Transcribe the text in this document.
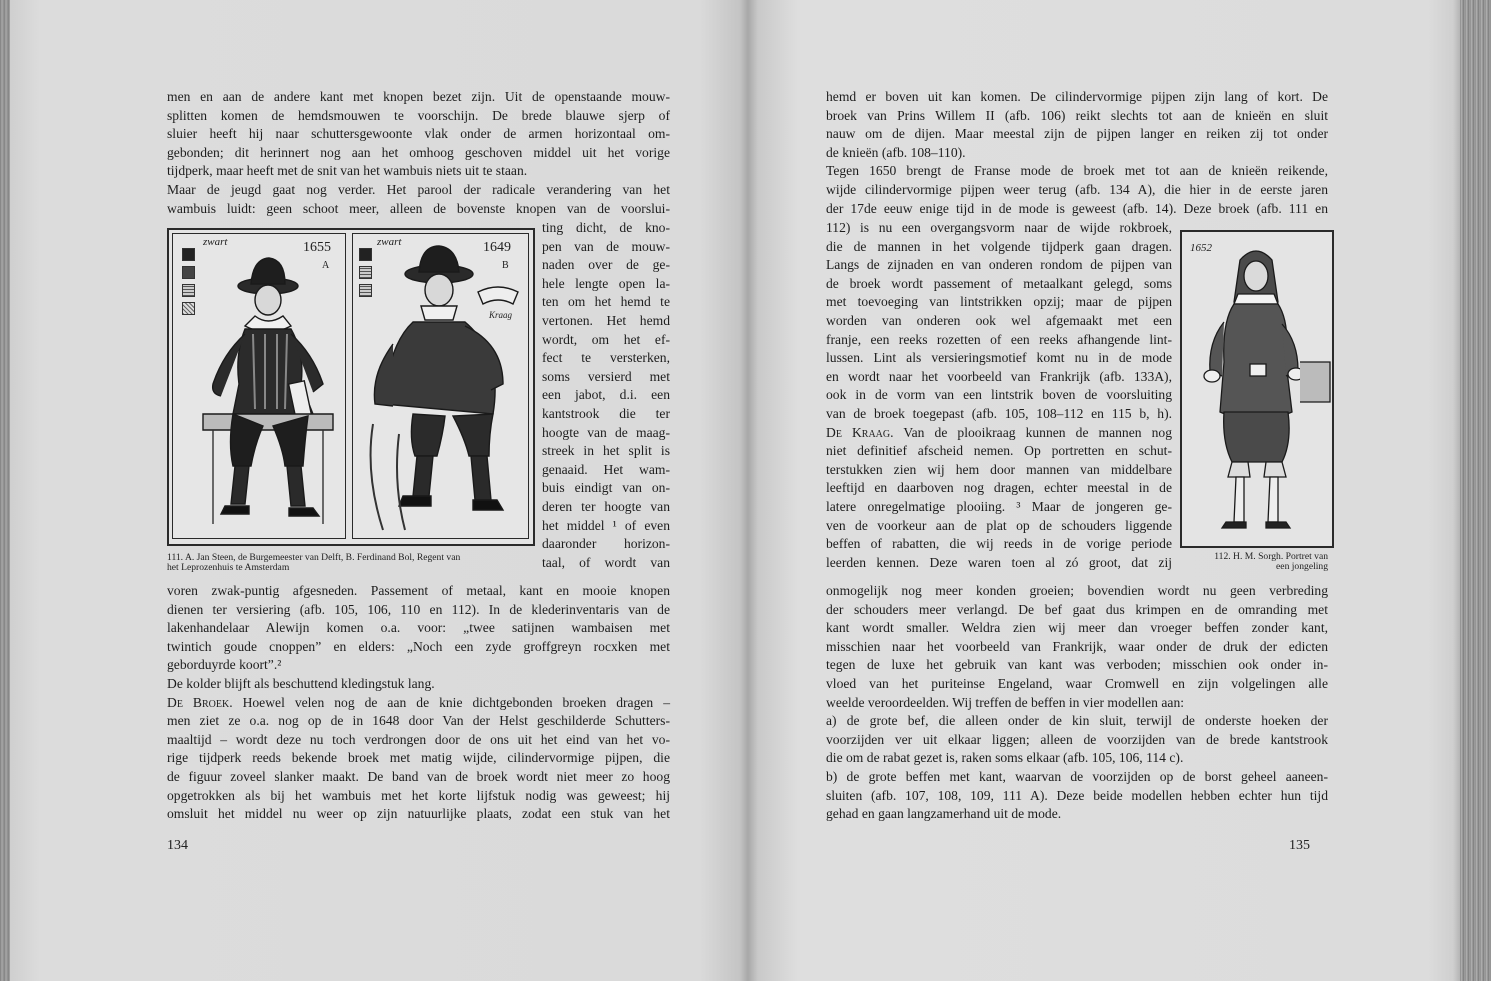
men en aan de andere kant met knopen bezet zijn. Uit de openstaande mouw-
splitten komen de hemdsmouwen te voorschijn. De brede blauwe sjerp of
sluier heeft hij naar schuttersgewoonte vlak onder de armen horizontaal om-
gebonden; dit herinnert nog aan het omhoog geschoven middel uit het vorige
tijdperk, maar heeft met de snit van het wambuis niets uit te staan.
Maar de jeugd gaat nog verder. Het parool der radicale verandering van het
wambuis luidt: geen schoot meer, alleen de bovenste knopen van de voorslui-
zwart	1655
A
zwart	1649
B
Kraag
111. A. Jan Steen, de Burgemeester van Delft, B. Ferdinand Bol, Regent van
het Leprozenhuis te Amsterdam
ting dicht, de kno-
pen van de mouw-
naden over de ge-
hele lengte open la-
ten om het hemd te
vertonen. Het hemd
wordt, om het ef-
fect te versterken,
soms versierd met
een jabot, d.i. een
kantstrook die ter
hoogte van de maag-
streek in het split is
genaaid. Het wam-
buis eindigt van on-
deren ter hoogte van
het middel ¹ of even
daaronder horizon-
taal, of wordt van
voren zwak-puntig afgesneden. Passement of metaal, kant en mooie knopen
dienen ter versiering (afb. 105, 106, 110 en 112). In de klederinventaris van de
lakenhandelaar Alewijn komen o.a. voor: „twee satijnen wambaisen met
twintich goude cnoppen” en elders: „Noch een zyde groffgreyn rocxken met
geborduyrde koort”.²
De kolder blijft als beschuttend kledingstuk lang.
De Broek. Hoewel velen nog de aan de knie dichtgebonden broeken dragen –
men ziet ze o.a. nog op de in 1648 door Van der Helst geschilderde Schutters-
maaltijd – wordt deze nu toch verdrongen door de ons uit het eind van het vo-
rige tijdperk reeds bekende broek met matig wijde, cilindervormige pijpen, die
de figuur zoveel slanker maakt. De band van de broek wordt niet meer zo hoog
opgetrokken als bij het wambuis met het korte lijfstuk nodig was geweest; hij
omsluit het middel nu weer op zijn natuurlijke plaats, zodat een stuk van het
134
hemd er boven uit kan komen. De cilindervormige pijpen zijn lang of kort. De
broek van Prins Willem II (afb. 106) reikt slechts tot aan de knieën en sluit
nauw om de dijen. Maar meestal zijn de pijpen langer en reiken zij tot onder
de knieën (afb. 108–110).
Tegen 1650 brengt de Franse mode de broek met tot aan de knieën reikende,
wijde cilindervormige pijpen weer terug (afb. 134 A), die hier in de eerste jaren
der 17de eeuw enige tijd in de mode is geweest (afb. 14). Deze broek (afb. 111 en
112) is nu een overgangsvorm naar de wijde rokbroek,
die de mannen in het volgende tijdperk gaan dragen.
Langs de zijnaden en van onderen rondom de pijpen van
de broek wordt passement of metaalkant gelegd, soms
met toevoeging van lintstrikken opzij; maar de pijpen
worden van onderen ook wel afgemaakt met een
franje, een reeks rozetten of een reeks afhangende lint-
lussen. Lint als versieringsmotief komt nu in de mode
en wordt naar het voorbeeld van Frankrijk (afb. 133A),
ook in de vorm van een lintstrik boven de voorsluiting
van de broek toegepast (afb. 105, 108–112 en 115 b, h).
De Kraag. Van de plooikraag kunnen de mannen nog
niet definitief afscheid nemen. Op portretten en schut-
terstukken zien wij hem door mannen van middelbare
leeftijd en daarboven nog dragen, echter meestal in de
latere onregelmatige plooiing. ³ Maar de jongeren ge-
ven de voorkeur aan de plat op de schouders liggende
beffen of rabatten, die wij reeds in de vorige periode
leerden kennen. Deze waren toen al zó groot, dat zij
1652
112. H. M. Sorgh. Portret van
een jongeling
onmogelijk nog meer konden groeien; bovendien wordt nu geen verbreding
der schouders meer verlangd. De bef gaat dus krimpen en de omranding met
kant wordt smaller. Weldra zien wij meer dan vroeger beffen zonder kant,
misschien naar het voorbeeld van Frankrijk, waar onder de druk der edicten
tegen de luxe het gebruik van kant was verboden; misschien ook onder in-
vloed van het puriteinse Engeland, waar Cromwell en zijn volgelingen alle
weelde veroordeelden. Wij treffen de beffen in vier modellen aan:
a) de grote bef, die alleen onder de kin sluit, terwijl de onderste hoeken der
voorzijden ver uit elkaar liggen; alleen de voorzijden van de brede kantstrook
die om de rabat gezet is, raken soms elkaar (afb. 105, 106, 114 c).
b) de grote beffen met kant, waarvan de voorzijden op de borst geheel aaneen-
sluiten (afb. 107, 108, 109, 111 A). Deze beide modellen hebben echter hun tijd
gehad en gaan langzamerhand uit de mode.
135
